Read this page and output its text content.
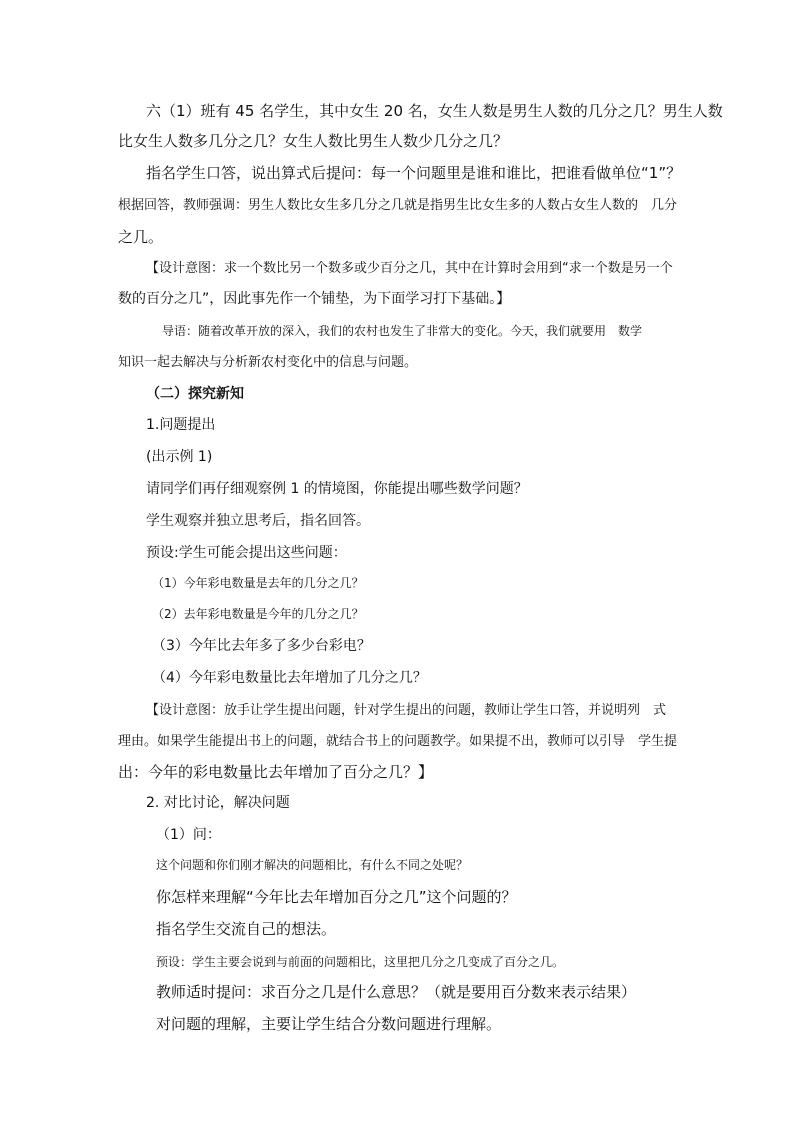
六（1）班有 45 名学生，其中女生 20 名，女生人数是男生人数的几分之几？男生人数
比女生人数多几分之几？女生人数比男生人数少几分之几？
指名学生口答，说出算式后提问：每一个问题里是谁和谁比，把谁看做单位“1”？
根据回答，教师强调：男生人数比女生多几分之几就是指男生比女生多的人数占女生人数的　几分
之几。
【设计意图：求一个数比另一个数多或少百分之几，其中在计算时会用到“求一个数是另一个
数的百分之几”，因此事先作一个铺垫，为下面学习打下基础。】
导语：随着改革开放的深入，我们的农村也发生了非常大的变化。今天，我们就要用　数学
知识一起去解决与分析新农村变化中的信息与问题。
（二）探究新知
1.问题提出
(出示例 1)
请同学们再仔细观察例 1 的情境图，你能提出哪些数学问题？
学生观察并独立思考后，指名回答。
预设:学生可能会提出这些问题：
（1）今年彩电数量是去年的几分之几？
（2）去年彩电数量是今年的几分之几？
（3）今年比去年多了多少台彩电？
（4）今年彩电数量比去年增加了几分之几？
【设计意图：放手让学生提出问题，针对学生提出的问题，教师让学生口答，并说明列　式
理由。如果学生能提出书上的问题，就结合书上的问题教学。如果提不出，教师可以引导　学生提
出：今年的彩电数量比去年增加了百分之几？】
2. 对比讨论，解决问题
（1）问：
这个问题和你们刚才解决的问题相比，有什么不同之处呢？
你怎样来理解“今年比去年增加百分之几”这个问题的？
指名学生交流自己的想法。
预设：学生主要会说到与前面的问题相比，这里把几分之几变成了百分之几。
教师适时提问：求百分之几是什么意思？（就是要用百分数来表示结果）
对问题的理解，主要让学生结合分数问题进行理解。
